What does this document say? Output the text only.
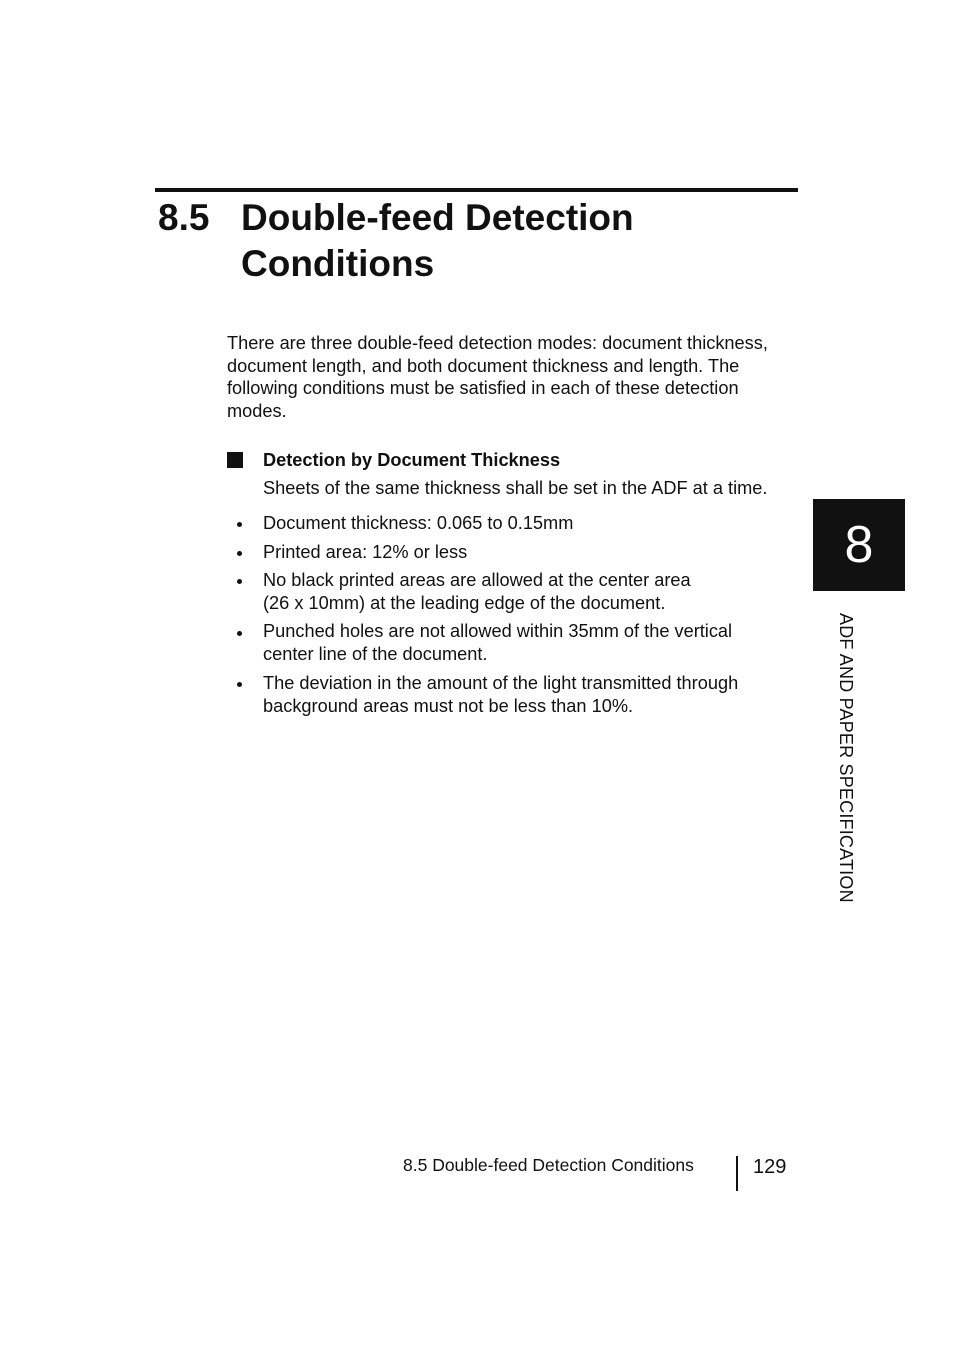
8.5 Double-feed Detection
Conditions
There are three double-feed detection modes: document thickness,
document length, and both document thickness and length. The
following conditions must be satisfied in each of these detection
modes.
Detection by Document Thickness
Sheets of the same thickness shall be set in the ADF at a time.
Document thickness: 0.065 to 0.15mm
Printed area: 12% or less
No black printed areas are allowed at the center area
(26 x 10mm) at the leading edge of the document.
Punched holes are not allowed within 35mm of the vertical
center line of the document.
The deviation in the amount of the light transmitted through
background areas must not be less than 10%.
8
ADF AND PAPER SPECIFICATION
8.5 Double-feed Detection Conditions	129
